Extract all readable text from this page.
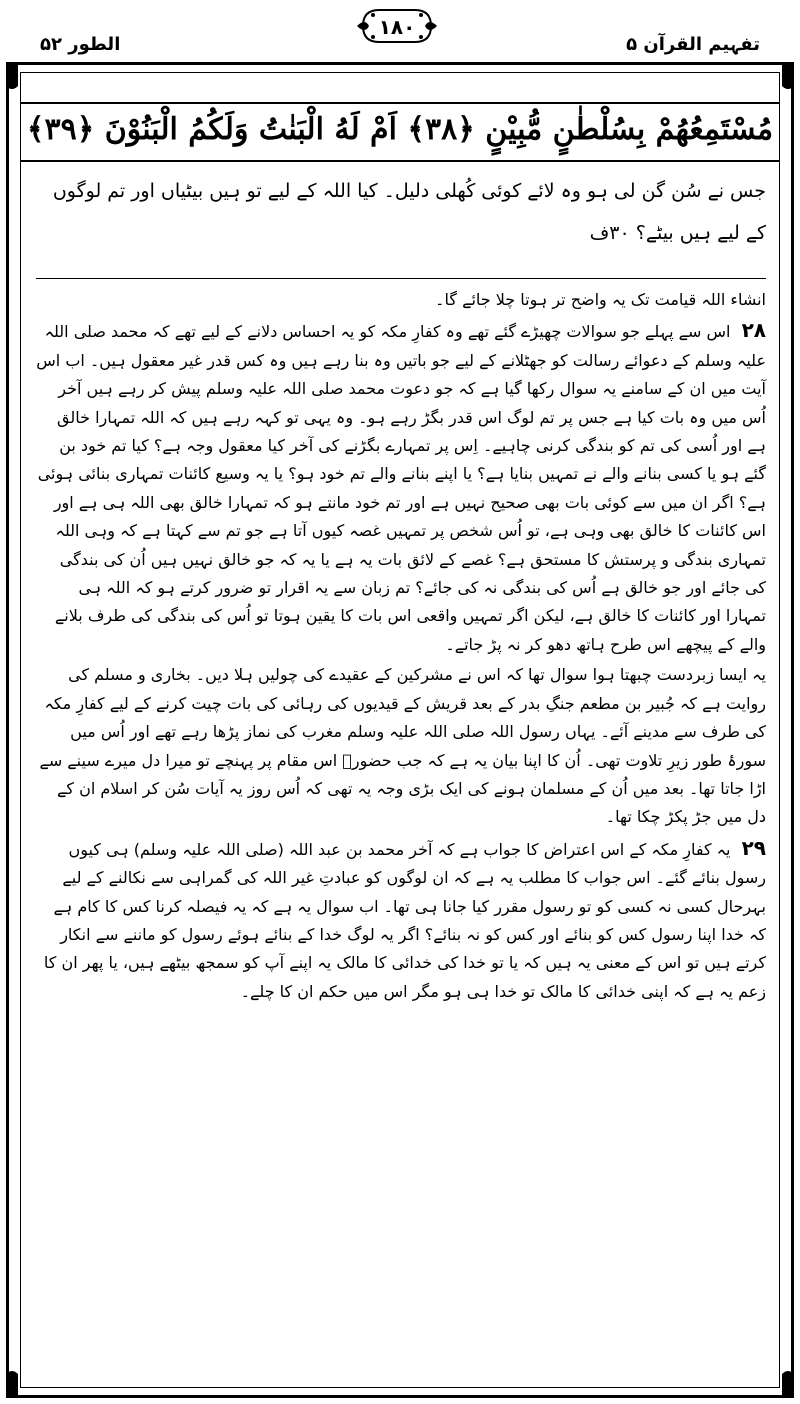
الطور ۵۲
١٨٠
تفہیم القرآن ۵
مُسْتَمِعُهُمْ بِسُلْطٰنٍ مُّبِيْنٍ ﴿٣٨﴾ اَمْ لَهُ الْبَنٰتُ وَلَكُمُ الْبَنُوْنَ ﴿٣٩﴾
جس نے سُن گن لی ہو وہ لائے کوئی کُھلی دلیل۔ کیا اللہ کے لیے تو ہیں بیٹیاں اور تم لوگوں کے لیے ہیں بیٹے؟ ۳۰ف

انشاء اللہ قیامت تک یہ واضح تر ہوتا چلا جائے گا۔

۲۸ اس سے پہلے جو سوالات چھیڑے گئے تھے وہ کفارِ مکہ کو یہ احساس دلانے کے لیے تھے کہ محمد صلی اللہ علیہ وسلم کے دعوائے رسالت کو جھٹلانے کے لیے جو باتیں وہ بنا رہے ہیں وہ کس قدر غیر معقول ہیں۔ اب اس آیت میں ان کے سامنے یہ سوال رکھا گیا ہے کہ جو دعوت محمد صلی اللہ علیہ وسلم پیش کر رہے ہیں آخر اُس میں وہ بات کیا ہے جس پر تم لوگ اس قدر بگڑ رہے ہو۔ وہ یہی تو کہہ رہے ہیں کہ اللہ تمہارا خالق ہے اور اُسی کی تم کو بندگی کرنی چاہیے۔ اِس پر تمہارے بگڑنے کی آخر کیا معقول وجہ ہے؟ کیا تم خود بن گئے ہو یا کسی بنانے والے نے تمہیں بنایا ہے؟ یا اپنے بنانے والے تم خود ہو؟ یا یہ وسیع کائنات تمہاری بنائی ہوئی ہے؟ اگر ان میں سے کوئی بات بھی صحیح نہیں ہے اور تم خود مانتے ہو کہ تمہارا خالق بھی اللہ ہی ہے اور اس کائنات کا خالق بھی وہی ہے، تو اُس شخص پر تمہیں غصہ کیوں آتا ہے جو تم سے کہتا ہے کہ وہی اللہ تمہاری بندگی و پرستش کا مستحق ہے؟ غصے کے لائق بات یہ ہے یا یہ کہ جو خالق نہیں ہیں اُن کی بندگی کی جائے اور جو خالق ہے اُس کی بندگی نہ کی جائے؟ تم زبان سے یہ اقرار تو ضرور کرتے ہو کہ اللہ ہی تمہارا اور کائنات کا خالق ہے، لیکن اگر تمہیں واقعی اس بات کا یقین ہوتا تو اُس کی بندگی کی طرف بلانے والے کے پیچھے اس طرح ہاتھ دھو کر نہ پڑ جاتے۔

یہ ایسا زبردست چبھتا ہوا سوال تھا کہ اس نے مشرکین کے عقیدے کی چولیں ہلا دیں۔ بخاری و مسلم کی روایت ہے کہ جُبیر بن مطعم جنگِ بدر کے بعد قریش کے قیدیوں کی رہائی کی بات چیت کرنے کے لیے کفارِ مکہ کی طرف سے مدینے آئے۔ یہاں رسول اللہ صلی اللہ علیہ وسلم مغرب کی نماز پڑھا رہے تھے اور اُس میں سورۂ طور زیرِ تلاوت تھی۔ اُن کا اپنا بیان یہ ہے کہ جب حضورؐ اس مقام پر پہنچے تو میرا دل میرے سینے سے اڑا جاتا تھا۔ بعد میں اُن کے مسلمان ہونے کی ایک بڑی وجہ یہ تھی کہ اُس روز یہ آیات سُن کر اسلام ان کے دل میں جڑ پکڑ چکا تھا۔

۲۹ یہ کفارِ مکہ کے اس اعتراض کا جواب ہے کہ آخر محمد بن عبد اللہ (صلی اللہ علیہ وسلم) ہی کیوں رسول بنائے گئے۔ اس جواب کا مطلب یہ ہے کہ ان لوگوں کو عبادتِ غیر اللہ کی گمراہی سے نکالنے کے لیے بہرحال کسی نہ کسی کو تو رسول مقرر کیا جانا ہی تھا۔ اب سوال یہ ہے کہ یہ فیصلہ کرنا کس کا کام ہے کہ خدا اپنا رسول کس کو بنائے اور کس کو نہ بنائے؟ اگر یہ لوگ خدا کے بنائے ہوئے رسول کو ماننے سے انکار کرتے ہیں تو اس کے معنی یہ ہیں کہ یا تو خدا کی خدائی کا مالک یہ اپنے آپ کو سمجھ بیٹھے ہیں، یا پھر ان کا زعم یہ ہے کہ اپنی خدائی کا مالک تو خدا ہی ہو مگر اس میں حکم ان کا چلے۔
